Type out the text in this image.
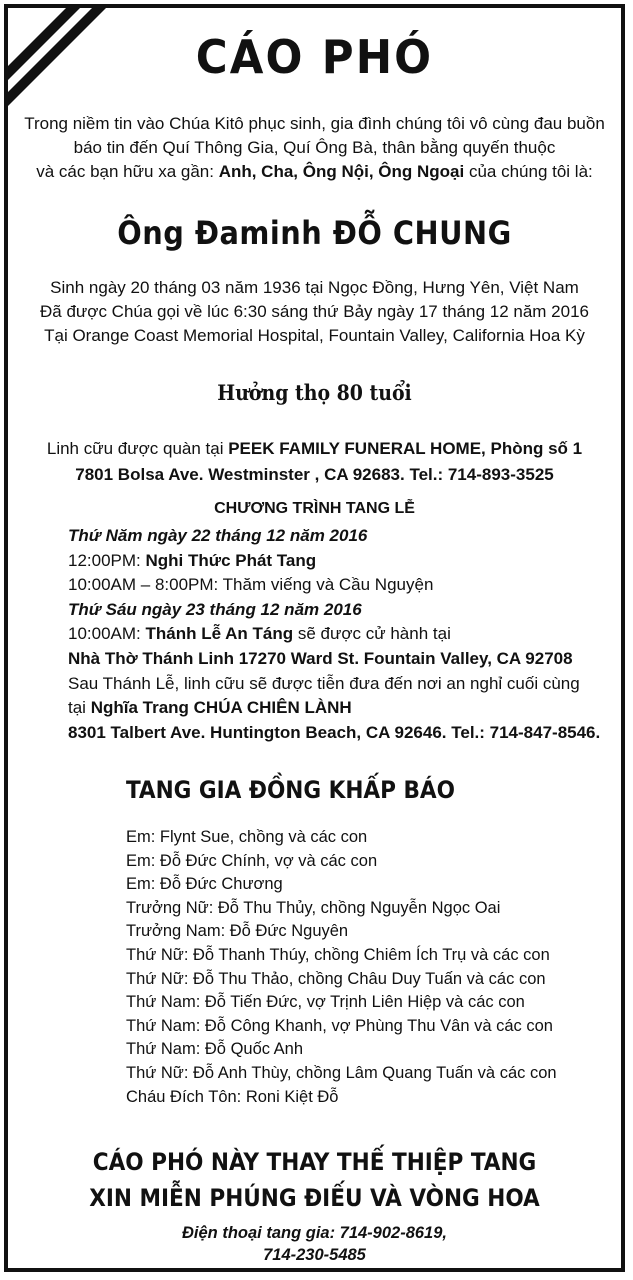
CÁO PHÓ
Trong niềm tin vào Chúa Kitô phục sinh, gia đình chúng tôi vô cùng đau buồn
báo tin đến Quí Thông Gia, Quí Ông Bà, thân bằng quyến thuộc
và các bạn hữu xa gần: Anh, Cha, Ông Nội, Ông Ngoại của chúng tôi là:
Ông Đaminh ĐỖ CHUNG
Sinh ngày 20 tháng 03 năm 1936 tại Ngọc Đồng, Hưng Yên, Việt Nam
Đã được Chúa gọi về lúc 6:30 sáng thứ Bảy ngày 17 tháng 12 năm 2016
Tại Orange Coast Memorial Hospital, Fountain Valley, California Hoa Kỳ
Hưởng thọ 80 tuổi
Linh cữu được quàn tại PEEK FAMILY FUNERAL HOME, Phòng số 1
7801 Bolsa Ave. Westminster , CA 92683. Tel.: 714-893-3525
CHƯƠNG TRÌNH TANG LỄ
Thứ Năm ngày 22 tháng 12 năm 2016
12:00PM: Nghi Thức Phát Tang
10:00AM – 8:00PM: Thăm viếng và Cầu Nguyện
Thứ Sáu ngày 23 tháng 12 năm 2016
10:00AM: Thánh Lễ An Táng sẽ được cử hành tại
Nhà Thờ Thánh Linh 17270 Ward St. Fountain Valley, CA 92708
Sau Thánh Lễ, linh cữu sẽ được tiễn đưa đến nơi an nghỉ cuối cùng
tại Nghĩa Trang CHÚA CHIÊN LÀNH
8301 Talbert Ave. Huntington Beach, CA 92646. Tel.: 714-847-8546.
TANG GIA ĐỒNG KHẤP BÁO
Em: Flynt Sue, chồng và các con
Em: Đỗ Đức Chính, vợ và các con
Em: Đỗ Đức Chương
Trưởng Nữ: Đỗ Thu Thủy, chồng Nguyễn Ngọc Oai
Trưởng Nam: Đỗ Đức Nguyên
Thứ Nữ: Đỗ Thanh Thúy, chồng Chiêm Ích Trụ và các con
Thứ Nữ: Đỗ Thu Thảo, chồng Châu Duy Tuấn và các con
Thứ Nam: Đỗ Tiến Đức, vợ Trịnh Liên Hiệp và các con
Thứ Nam: Đỗ Công Khanh, vợ Phùng Thu Vân và các con
Thứ Nam: Đỗ Quốc Anh
Thứ Nữ: Đỗ Anh Thùy, chồng Lâm Quang Tuấn và các con
Cháu Đích Tôn: Roni Kiệt Đỗ
CÁO PHÓ NÀY THAY THẾ THIỆP TANG
XIN MIỄN PHÚNG ĐIẾU VÀ VÒNG HOA
Điện thoại tang gia: 714-902-8619,
714-230-5485
